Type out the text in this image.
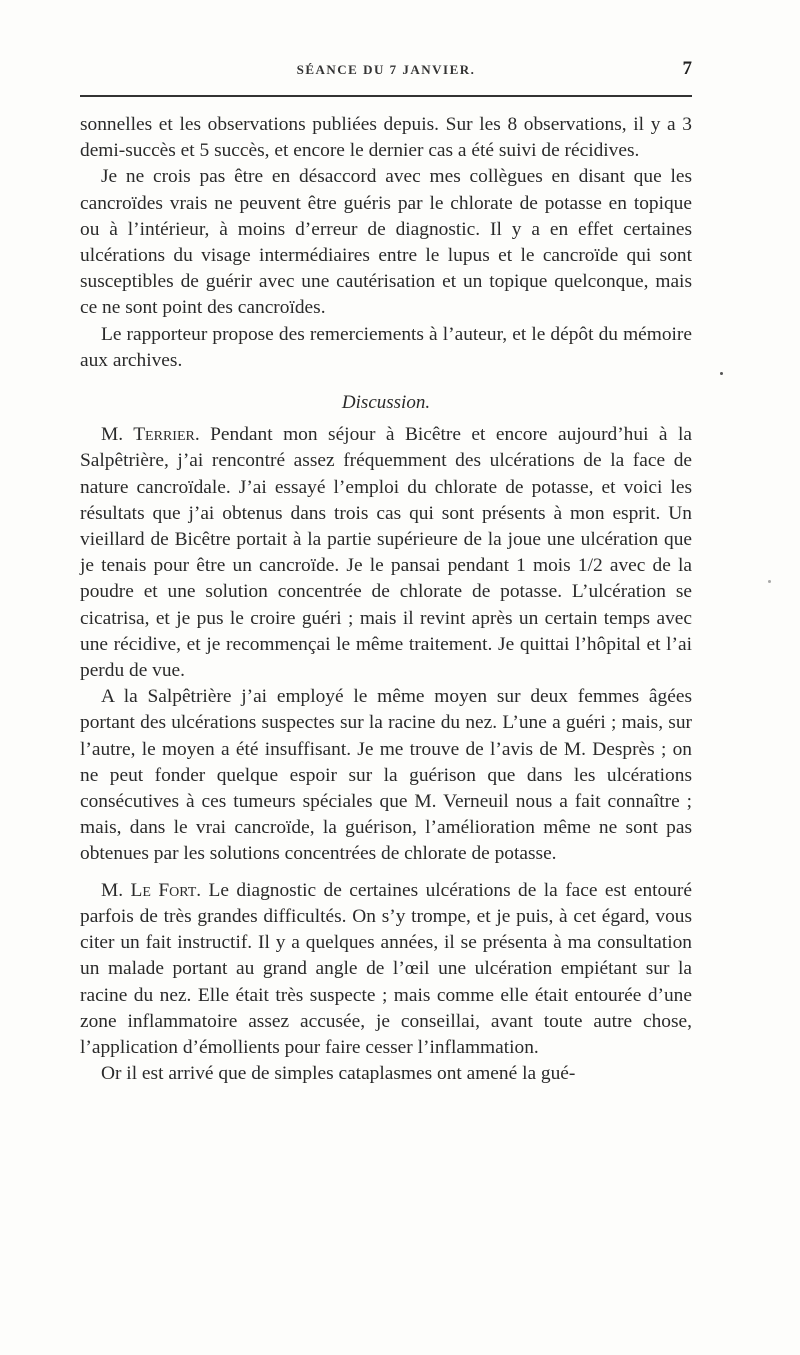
SÉANCE DU 7 JANVIER.	7

sonnelles et les observations publiées depuis. Sur les 8 observations, il y a 3 demi-succès et 5 succès, et encore le dernier cas a été suivi de récidives.

Je ne crois pas être en désaccord avec mes collègues en disant que les cancroïdes vrais ne peuvent être guéris par le chlorate de potasse en topique ou à l’intérieur, à moins d’erreur de diagnostic. Il y a en effet certaines ulcérations du visage intermédiaires entre le lupus et le cancroïde qui sont susceptibles de guérir avec une cautérisation et un topique quelconque, mais ce ne sont point des cancroïdes.

Le rapporteur propose des remerciements à l’auteur, et le dépôt du mémoire aux archives.

Discussion.

M. Terrier. Pendant mon séjour à Bicêtre et encore aujourd’hui à la Salpêtrière, j’ai rencontré assez fréquemment des ulcérations de la face de nature cancroïdale. J’ai essayé l’emploi du chlorate de potasse, et voici les résultats que j’ai obtenus dans trois cas qui sont présents à mon esprit. Un vieillard de Bicêtre portait à la partie supérieure de la joue une ulcération que je tenais pour être un cancroïde. Je le pansai pendant 1 mois 1/2 avec de la poudre et une solution concentrée de chlorate de potasse. L’ulcération se cicatrisa, et je pus le croire guéri ; mais il revint après un certain temps avec une récidive, et je recommençai le même traitement. Je quittai l’hôpital et l’ai perdu de vue.

A la Salpêtrière j’ai employé le même moyen sur deux femmes âgées portant des ulcérations suspectes sur la racine du nez. L’une a guéri ; mais, sur l’autre, le moyen a été insuffisant. Je me trouve de l’avis de M. Desprès ; on ne peut fonder quelque espoir sur la guérison que dans les ulcérations consécutives à ces tumeurs spéciales que M. Verneuil nous a fait connaître ; mais, dans le vrai cancroïde, la guérison, l’amélioration même ne sont pas obtenues par les solutions concentrées de chlorate de potasse.

M. Le Fort. Le diagnostic de certaines ulcérations de la face est entouré parfois de très grandes difficultés. On s’y trompe, et je puis, à cet égard, vous citer un fait instructif. Il y a quelques années, il se présenta à ma consultation un malade portant au grand angle de l’œil une ulcération empiétant sur la racine du nez. Elle était très suspecte ; mais comme elle était entourée d’une zone inflammatoire assez accusée, je conseillai, avant toute autre chose, l’application d’émollients pour faire cesser l’inflammation.

Or il est arrivé que de simples cataplasmes ont amené la gué-
